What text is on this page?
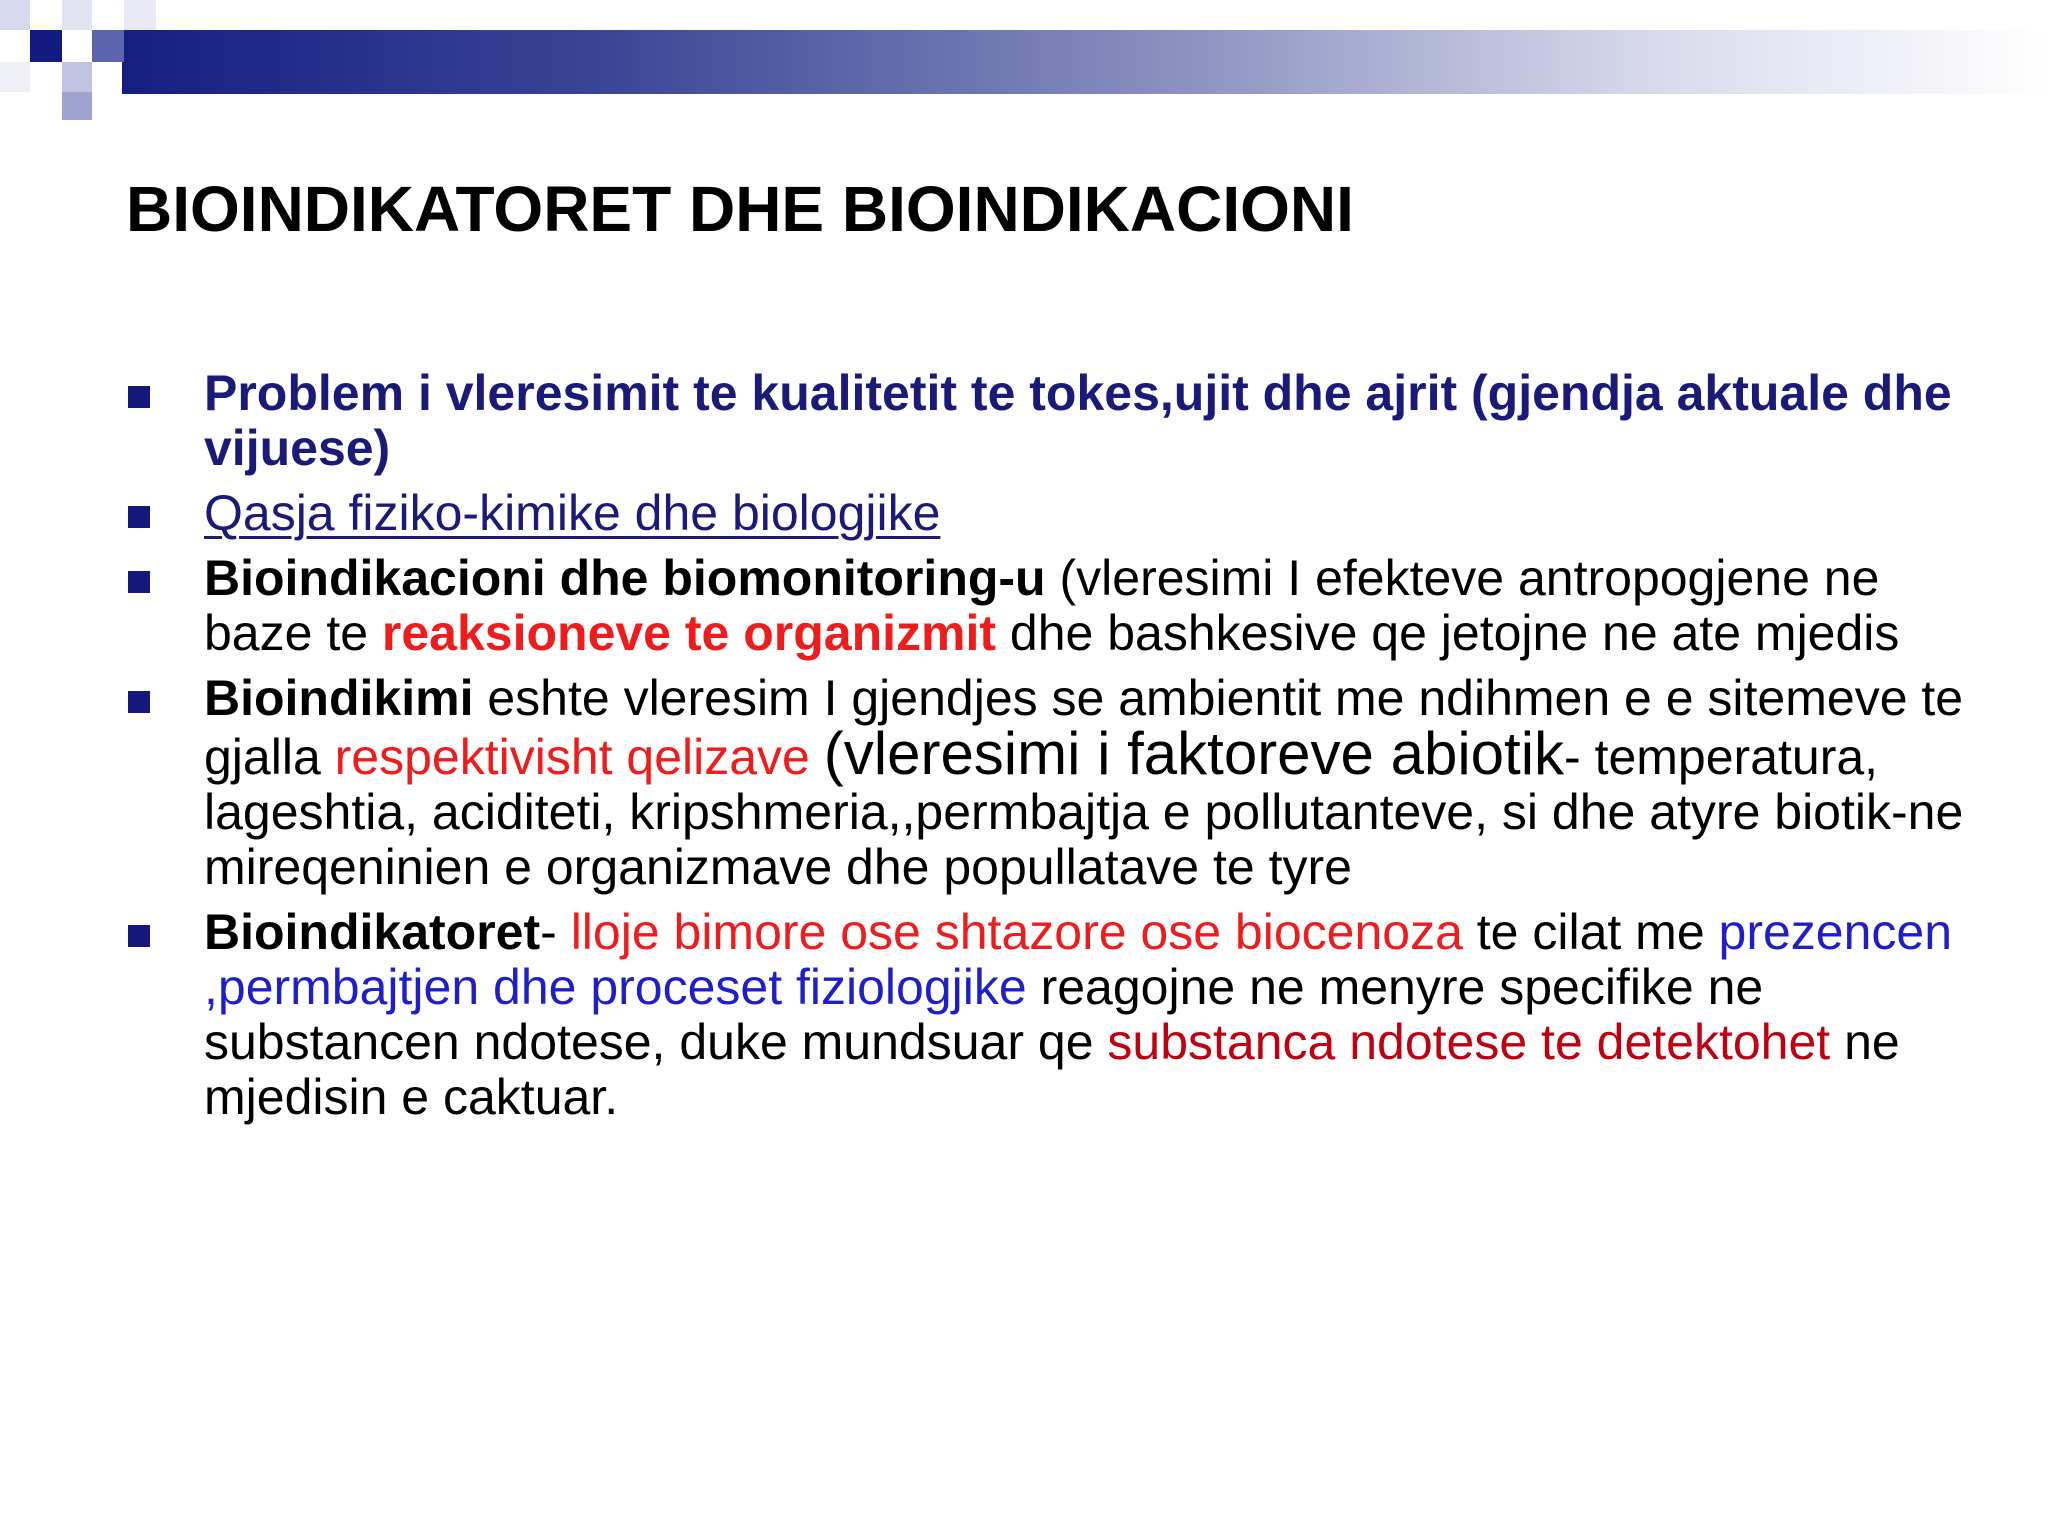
BIOINDIKATORET DHE BIOINDIKACIONI
Problem i vleresimit te kualitetit te tokes,ujit dhe ajrit (gjendja aktuale dhe vijuese)
Qasja fiziko-kimike dhe biologjike
Bioindikacioni dhe biomonitoring-u (vleresimi I efekteve antropogjene ne baze te reaksioneve te organizmit dhe bashkesive qe jetojne ne ate mjedis
Bioindikimi eshte vleresim I gjendjes se ambientit me ndihmen e e sitemeve te gjalla respektivisht qelizave (vleresimi i faktoreve abiotik- temperatura, lageshtia, aciditeti, kripshmeria,,permbajtja e pollutanteve, si dhe atyre biotik-ne mireqeninien e organizmave dhe popullatave te tyre
Bioindikatoret- lloje bimore ose shtazore ose biocenoza te cilat me prezencen ,permbajtjen dhe proceset fiziologjike reagojne ne menyre specifike ne substancen ndotese, duke mundsuar qe substanca ndotese te detektohet ne mjedisin e caktuar.
